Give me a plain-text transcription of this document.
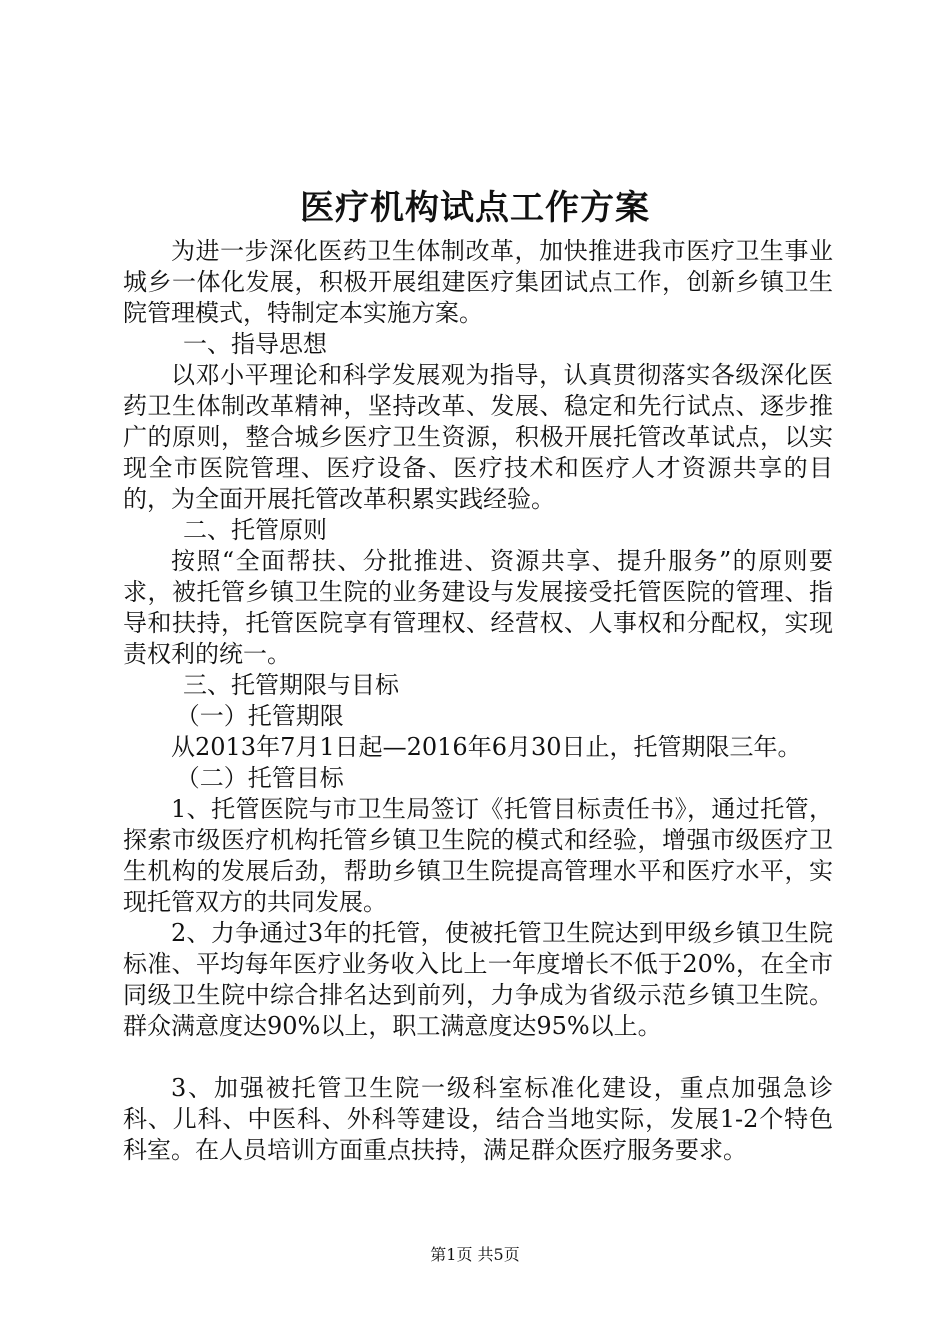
医疗机构试点工作方案

为进一步深化医药卫生体制改革，加快推进我市医疗卫生事业城乡一体化发展，积极开展组建医疗集团试点工作，创新乡镇卫生院管理模式，特制定本实施方案。

一、指导思想

以邓小平理论和科学发展观为指导，认真贯彻落实各级深化医药卫生体制改革精神，坚持改革、发展、稳定和先行试点、逐步推广的原则，整合城乡医疗卫生资源，积极开展托管改革试点，以实现全市医院管理、医疗设备、医疗技术和医疗人才资源共享的目的，为全面开展托管改革积累实践经验。

二、托管原则

按照“全面帮扶、分批推进、资源共享、提升服务”的原则要求，被托管乡镇卫生院的业务建设与发展接受托管医院的管理、指导和扶持，托管医院享有管理权、经营权、人事权和分配权，实现责权利的统一。

三、托管期限与目标

（一）托管期限

从2013年7月1日起—2016年6月30日止，托管期限三年。

（二）托管目标

1、托管医院与市卫生局签订《托管目标责任书》，通过托管，探索市级医疗机构托管乡镇卫生院的模式和经验，增强市级医疗卫生机构的发展后劲，帮助乡镇卫生院提高管理水平和医疗水平，实现托管双方的共同发展。

2、力争通过3年的托管，使被托管卫生院达到甲级乡镇卫生院标准、平均每年医疗业务收入比上一年度增长不低于20%，在全市同级卫生院中综合排名达到前列，力争成为省级示范乡镇卫生院。群众满意度达90%以上，职工满意度达95%以上。

3、加强被托管卫生院一级科室标准化建设，重点加强急诊科、儿科、中医科、外科等建设，结合当地实际，发展1-2个特色科室。在人员培训方面重点扶持，满足群众医疗服务要求。

第1页 共5页
